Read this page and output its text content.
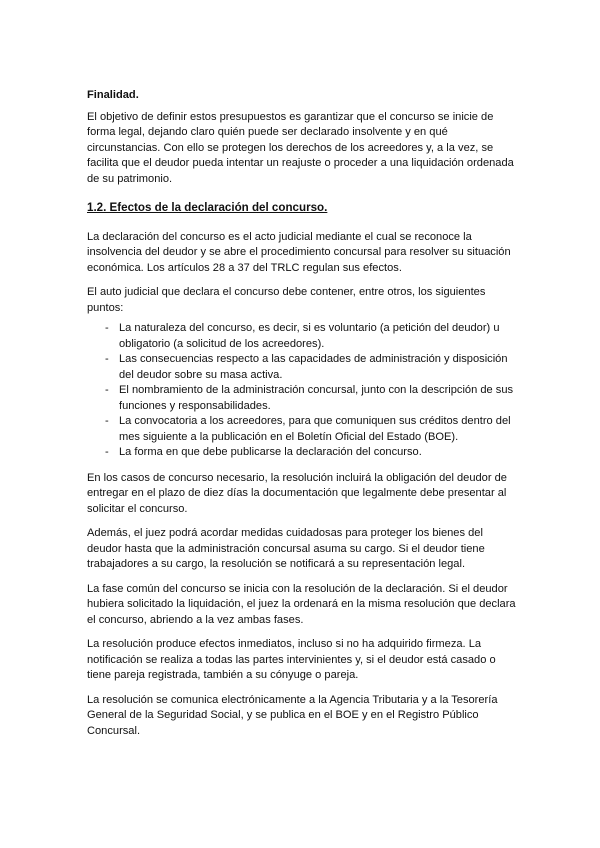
Finalidad.

El objetivo de definir estos presupuestos es garantizar que el concurso se inicie de forma legal, dejando claro quién puede ser declarado insolvente y en qué circunstancias. Con ello se protegen los derechos de los acreedores y, a la vez, se facilita que el deudor pueda intentar un reajuste o proceder a una liquidación ordenada de su patrimonio.

1.2. Efectos de la declaración del concurso.

La declaración del concurso es el acto judicial mediante el cual se reconoce la insolvencia del deudor y se abre el procedimiento concursal para resolver su situación económica. Los artículos 28 a 37 del TRLC regulan sus efectos.

El auto judicial que declara el concurso debe contener, entre otros, los siguientes puntos:

- La naturaleza del concurso, es decir, si es voluntario (a petición del deudor) u obligatorio (a solicitud de los acreedores).
- Las consecuencias respecto a las capacidades de administración y disposición del deudor sobre su masa activa.
- El nombramiento de la administración concursal, junto con la descripción de sus funciones y responsabilidades.
- La convocatoria a los acreedores, para que comuniquen sus créditos dentro del mes siguiente a la publicación en el Boletín Oficial del Estado (BOE).
- La forma en que debe publicarse la declaración del concurso.

En los casos de concurso necesario, la resolución incluirá la obligación del deudor de entregar en el plazo de diez días la documentación que legalmente debe presentar al solicitar el concurso.

Además, el juez podrá acordar medidas cuidadosas para proteger los bienes del deudor hasta que la administración concursal asuma su cargo. Si el deudor tiene trabajadores a su cargo, la resolución se notificará a su representación legal.

La fase común del concurso se inicia con la resolución de la declaración. Si el deudor hubiera solicitado la liquidación, el juez la ordenará en la misma resolución que declara el concurso, abriendo a la vez ambas fases.

La resolución produce efectos inmediatos, incluso si no ha adquirido firmeza. La notificación se realiza a todas las partes intervinientes y, si el deudor está casado o tiene pareja registrada, también a su cónyuge o pareja.

La resolución se comunica electrónicamente a la Agencia Tributaria y a la Tesorería General de la Seguridad Social, y se publica en el BOE y en el Registro Público Concursal.
